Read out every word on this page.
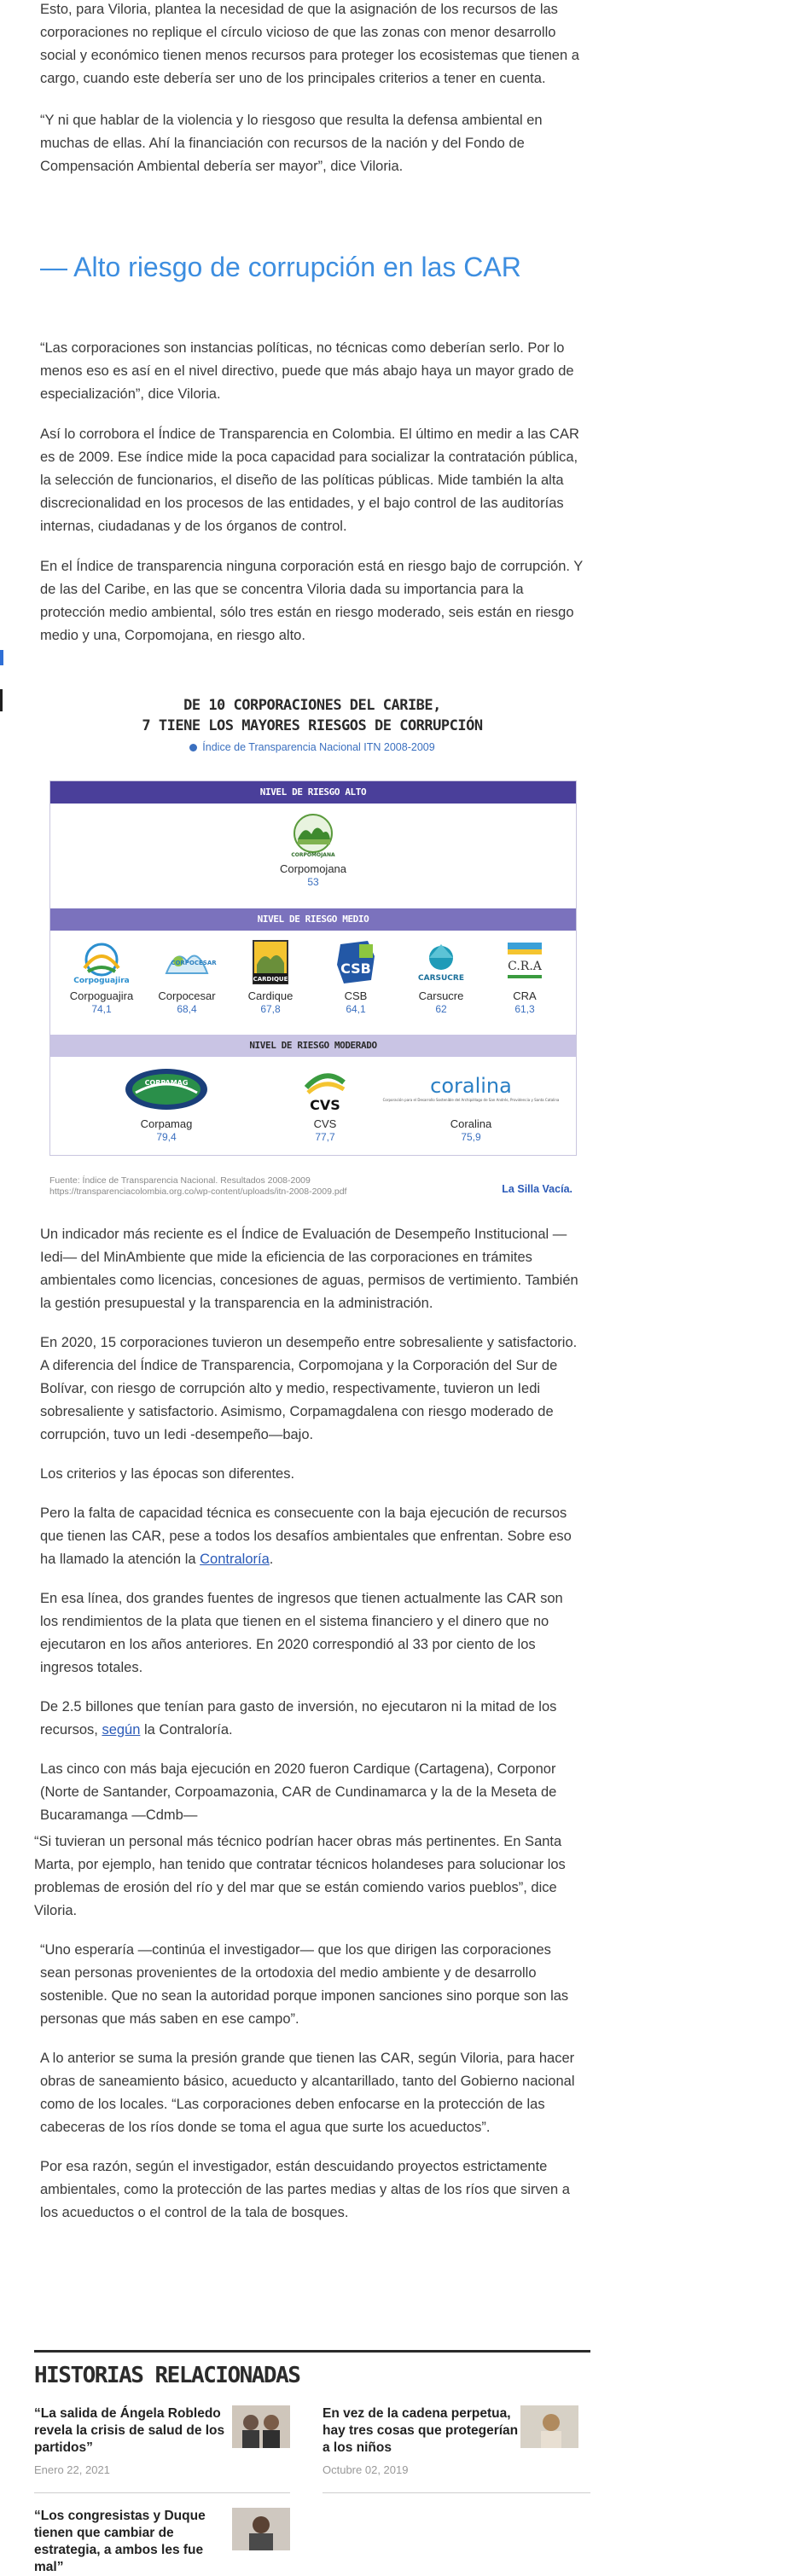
Esto, para Viloria, plantea la necesidad de que la asignación de los recursos de las corporaciones no replique el círculo vicioso de que las zonas con menor desarrollo social y económico tienen menos recursos para proteger los ecosistemas que tienen a cargo, cuando este debería ser uno de los principales criterios a tener en cuenta.

“Y ni que hablar de la violencia y lo riesgoso que resulta la defensa ambiental en muchas de ellas. Ahí la financiación con recursos de la nación y del Fondo de Compensación Ambiental debería ser mayor”, dice Viloria.

— Alto riesgo de corrupción en las CAR

“Las corporaciones son instancias políticas, no técnicas como deberían serlo. Por lo menos eso es así en el nivel directivo, puede que más abajo haya un mayor grado de especialización”, dice Viloria.

Así lo corrobora el Índice de Transparencia en Colombia. El último en medir a las CAR es de 2009. Ese índice mide la poca capacidad para socializar la contratación pública, la selección de funcionarios, el diseño de las políticas públicas. Mide también la alta discrecionalidad en los procesos de las entidades, y el bajo control de las auditorías internas, ciudadanas y de los órganos de control.

En el Índice de transparencia ninguna corporación está en riesgo bajo de corrupción. Y de las del Caribe, en las que se concentra Viloria dada su importancia para la protección medio ambiental, sólo tres están en riesgo moderado, seis están en riesgo medio y una, Corpomojana, en riesgo alto.

DE 10 CORPORACIONES DEL CARIBE,
7 TIENE LOS MAYORES RIESGOS DE CORRUPCIÓN
Índice de Transparencia Nacional ITN 2008-2009
NIVEL DE RIESGO ALTO
CORPOMOJANA
Corpomojana
53
NIVEL DE RIESGO MEDIO
Corpoguajira
Corpoguajira
74,1
CORPOCESAR
Corpocesar
68,4
CARDIQUE
Cardique
67,8
CSB
CSB
64,1
CARSUCRE
Carsucre
62
C.R.A
CRA
61,3
NIVEL DE RIESGO MODERADO
CORPAMAG
Corpamag
79,4
CVS
CVS
77,7
coralina
Corporación para el Desarrollo Sostenible del Archipiélago de San Andrés, Providencia y Santa Catalina
Coralina
75,9
Fuente: Índice de Transparencia Nacional. Resultados 2008-2009
https://transparenciacolombia.org.co/wp-content/uploads/itn-2008-2009.pdf	La Silla Vacía.

Un indicador más reciente es el Índice de Evaluación de Desempeño Institucional —Iedi— del MinAmbiente que mide la eficiencia de las corporaciones en trámites ambientales como licencias, concesiones de aguas, permisos de vertimiento. También la gestión presupuestal y la transparencia en la administración.

En 2020, 15 corporaciones tuvieron un desempeño entre sobresaliente y satisfactorio. A diferencia del Índice de Transparencia, Corpomojana y la Corporación del Sur de Bolívar, con riesgo de corrupción alto y medio, respectivamente, tuvieron un Iedi sobresaliente y satisfactorio. Asimismo, Corpamagdalena con riesgo moderado de corrupción, tuvo un Iedi -desempeño—bajo.

Los criterios y las épocas son diferentes.

Pero la falta de capacidad técnica es consecuente con la baja ejecución de recursos que tienen las CAR, pese a todos los desafíos ambientales que enfrentan. Sobre eso ha llamado la atención la Contraloría.

En esa línea, dos grandes fuentes de ingresos que tienen actualmente las CAR son los rendimientos de la plata que tienen en el sistema financiero y el dinero que no ejecutaron en los años anteriores. En 2020 correspondió al 33 por ciento de los ingresos totales.

De 2.5 billones que tenían para gasto de inversión, no ejecutaron ni la mitad de los recursos, según la Contraloría.

Las cinco con más baja ejecución en 2020 fueron Cardique (Cartagena), Corponor (Norte de Santander, Corpoamazonia, CAR de Cundinamarca y la de la Meseta de Bucaramanga —Cdmb—

“Si tuvieran un personal más técnico podrían hacer obras más pertinentes. En Santa Marta, por ejemplo, han tenido que contratar técnicos holandeses para solucionar los problemas de erosión del río y del mar que se están comiendo varios pueblos”, dice Viloria.

“Uno esperaría —continúa el investigador— que los que dirigen las corporaciones sean personas provenientes de la ortodoxia del medio ambiente y de desarrollo sostenible. Que no sean la autoridad porque imponen sanciones sino porque son las personas que más saben en ese campo”.

A lo anterior se suma la presión grande que tienen las CAR, según Viloria, para hacer obras de saneamiento básico, acueducto y alcantarillado, tanto del Gobierno nacional como de los locales. “Las corporaciones deben enfocarse en la protección de las cabeceras de los ríos donde se toma el agua que surte los acueductos”.

Por esa razón, según el investigador, están descuidando proyectos estrictamente ambientales, como la protección de las partes medias y altas de los ríos que sirven a los acueductos o el control de la tala de bosques.

HISTORIAS RELACIONADAS
“La salida de Ángela Robledo revela la crisis de salud de los partidos”
Enero 22, 2021
En vez de la cadena perpetua, hay tres cosas que protegerían a los niños
Octubre 02, 2019
“Los congresistas y Duque tienen que cambiar de estrategia, a ambos les fue mal”
